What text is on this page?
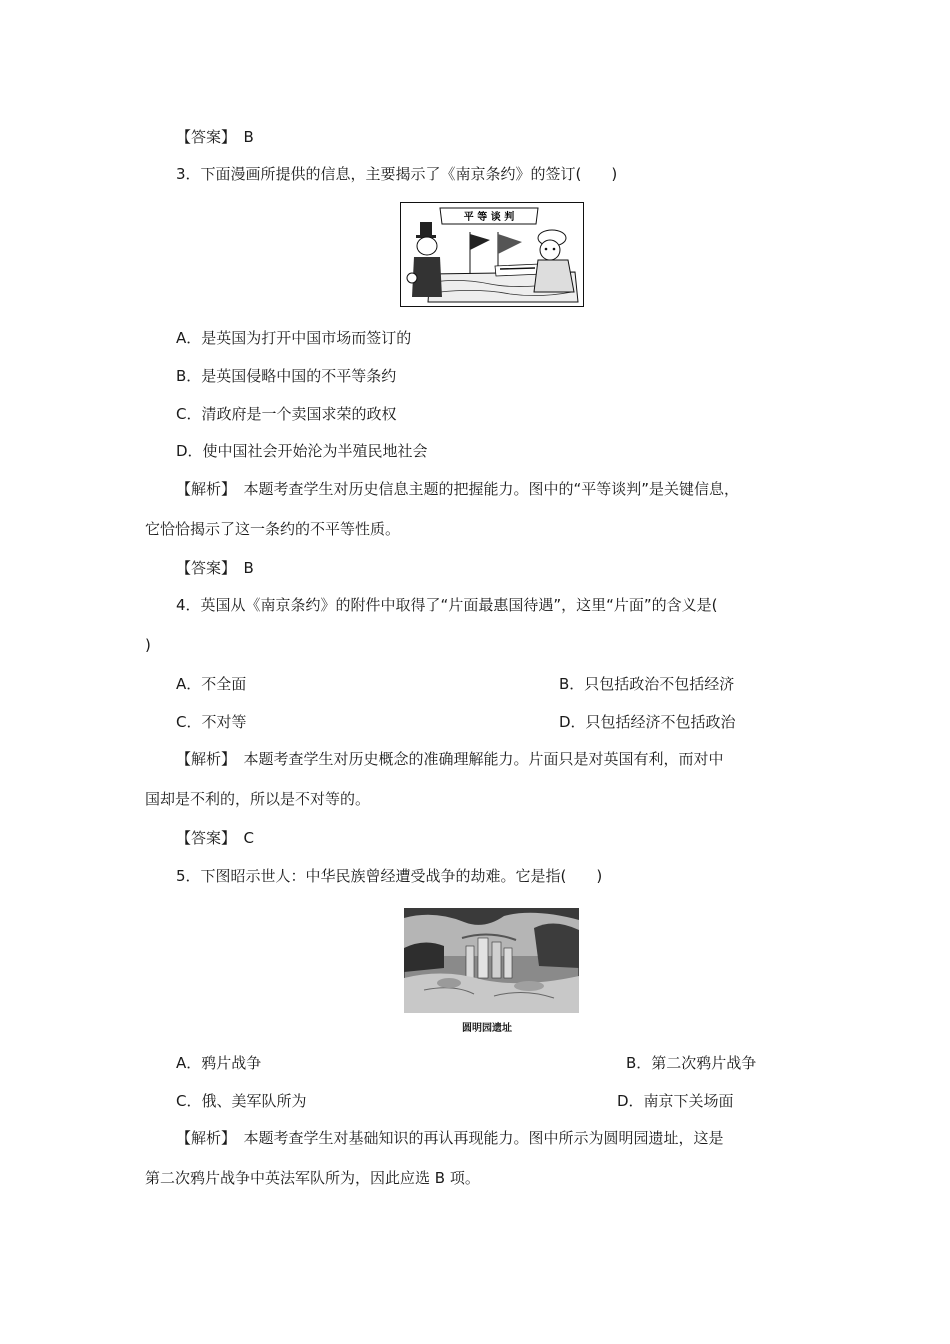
【答案】　B
3．下面漫画所提供的信息，主要揭示了《南京条约》的签订(　　)
平 等 谈 判
A．是英国为打开中国市场而签订的
B．是英国侵略中国的不平等条约
C．清政府是一个卖国求荣的政权
D．使中国社会开始沦为半殖民地社会
【解析】　本题考查学生对历史信息主题的把握能力。图中的“平等谈判”是关键信息，
它恰恰揭示了这一条约的不平等性质。
【答案】　B
4．英国从《南京条约》的附件中取得了“片面最惠国待遇”，这里“片面”的含义是(
)
A．不全面	B．只包括政治不包括经济
C．不对等	D．只包括经济不包括政治
【解析】　本题考查学生对历史概念的准确理解能力。片面只是对英国有利，而对中
国却是不利的，所以是不对等的。
【答案】　C
5．下图昭示世人：中华民族曾经遭受战争的劫难。它是指(　　)
圆明园遗址
A．鸦片战争	B．第二次鸦片战争
C．俄、美军队所为	D．南京下关场面
【解析】　本题考查学生对基础知识的再认再现能力。图中所示为圆明园遗址，这是
第二次鸦片战争中英法军队所为，因此应选 B 项。
